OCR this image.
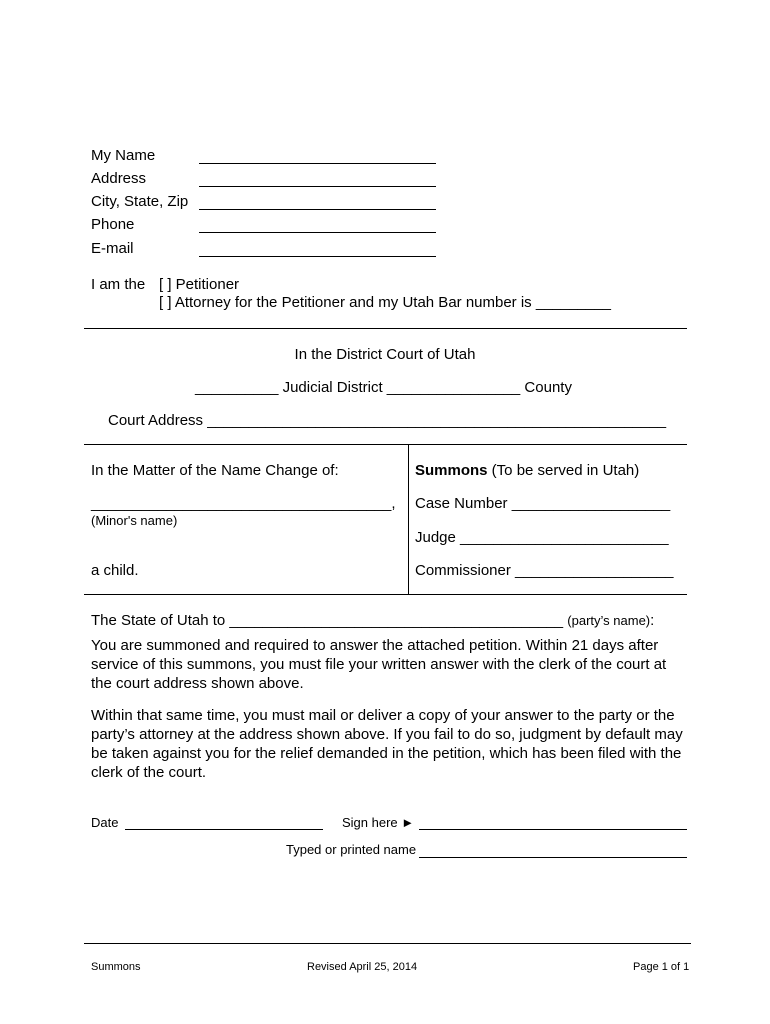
My Name
Address
City, State, Zip
Phone
E-mail
I am the [ ] Petitioner
[ ] Attorney for the Petitioner and my Utah Bar number is _________
In the District Court of Utah
__________ Judicial District ________________ County
Court Address _______________________________________________________
In the Matter of the Name Change of:
____________________________________,
(Minor's name)
a child.
Summons (To be served in Utah)
Case Number ___________________
Judge _________________________
Commissioner ___________________
The State of Utah to ________________________________________ (party’s name):
You are summoned and required to answer the attached petition. Within 21 days after service of this summons, you must file your written answer with the clerk of the court at the court address shown above.
Within that same time, you must mail or deliver a copy of your answer to the party or the party’s attorney at the address shown above. If you fail to do so, judgment by default may be taken against you for the relief demanded in the petition, which has been filed with the clerk of the court.
Date	Sign here ►
Typed or printed name
Summons	Revised April 25, 2014	Page 1 of 1
